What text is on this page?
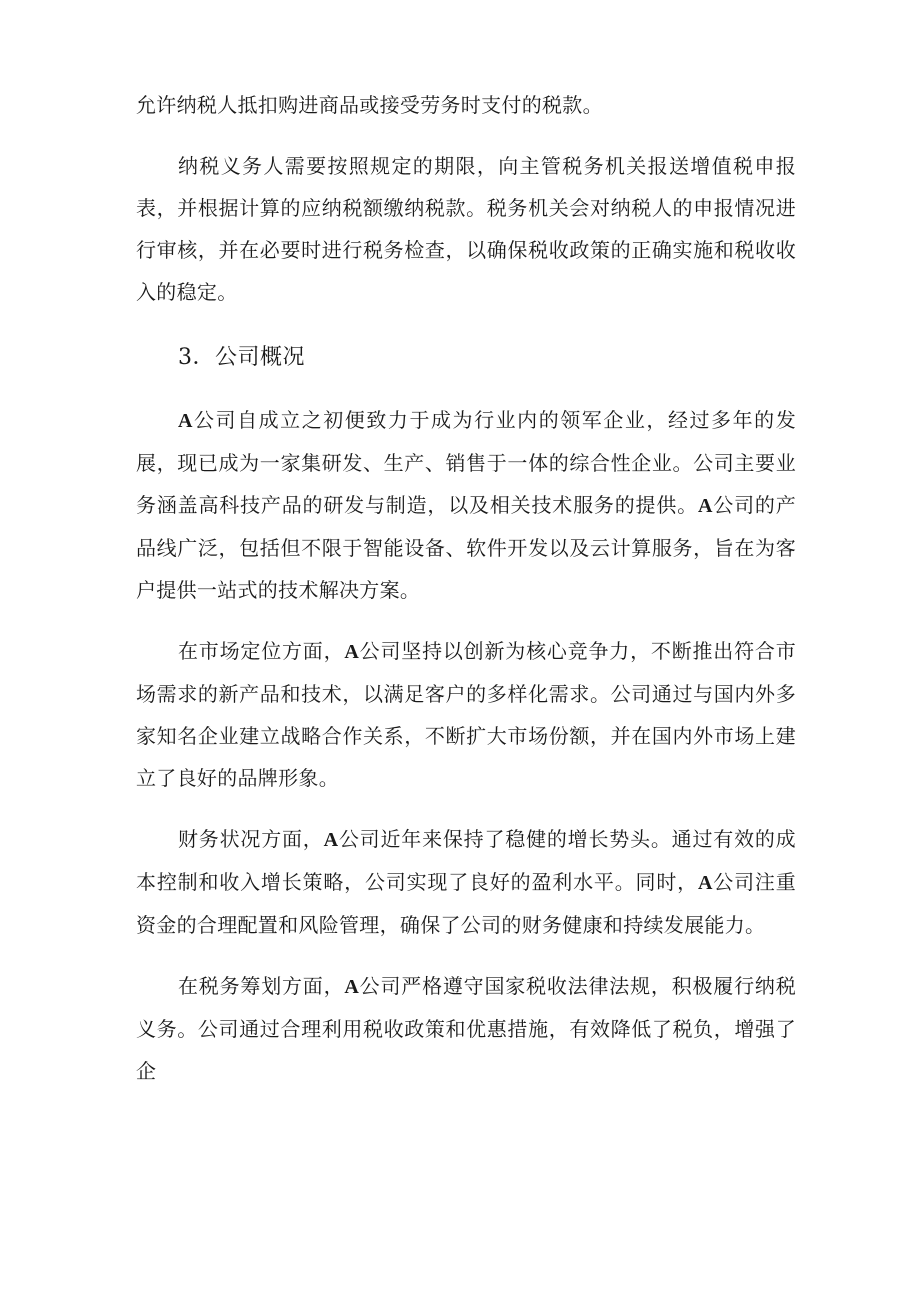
允许纳税人抵扣购进商品或接受劳务时支付的税款。

纳税义务人需要按照规定的期限，向主管税务机关报送增值税申报表，并根据计算的应纳税额缴纳税款。税务机关会对纳税人的申报情况进行审核，并在必要时进行税务检查，以确保税收政策的正确实施和税收收入的稳定。

3．公司概况

A公司自成立之初便致力于成为行业内的领军企业，经过多年的发展，现已成为一家集研发、生产、销售于一体的综合性企业。公司主要业务涵盖高科技产品的研发与制造，以及相关技术服务的提供。A公司的产品线广泛，包括但不限于智能设备、软件开发以及云计算服务，旨在为客户提供一站式的技术解决方案。

在市场定位方面，A公司坚持以创新为核心竞争力，不断推出符合市场需求的新产品和技术，以满足客户的多样化需求。公司通过与国内外多家知名企业建立战略合作关系，不断扩大市场份额，并在国内外市场上建立了良好的品牌形象。

财务状况方面，A公司近年来保持了稳健的增长势头。通过有效的成本控制和收入增长策略，公司实现了良好的盈利水平。同时，A公司注重资金的合理配置和风险管理，确保了公司的财务健康和持续发展能力。

在税务筹划方面，A公司严格遵守国家税收法律法规，积极履行纳税义务。公司通过合理利用税收政策和优惠措施，有效降低了税负，增强了企
